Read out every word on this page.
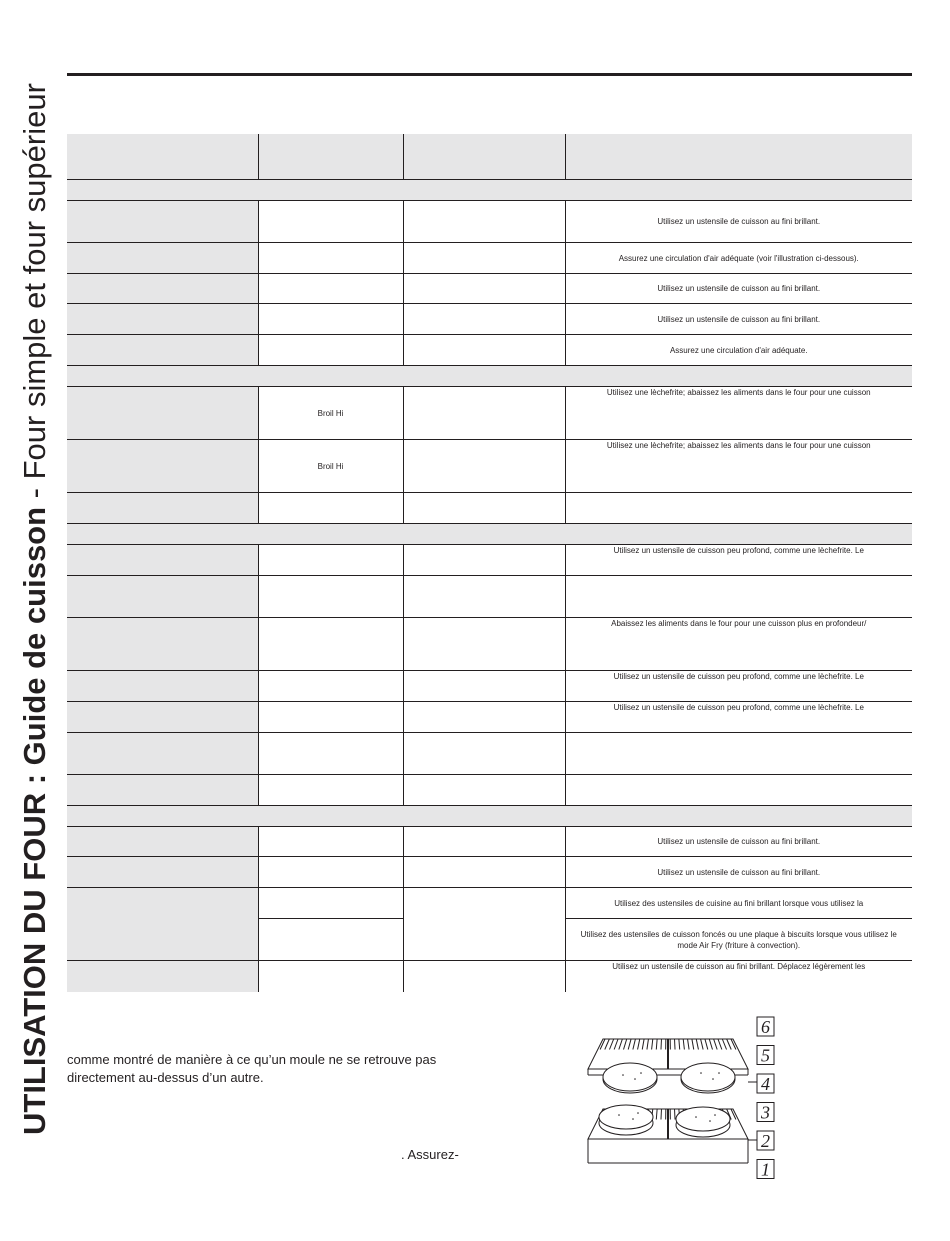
UTILISATION DU FOUR : Guide de cuisson - Four simple et four supérieur

				Utilisez un ustensile de cuisson au fini brillant.
			Assurez une circulation d'air adéquate (voir l'illustration ci-dessous).
			Utilisez un ustensile de cuisson au fini brillant.
			Utilisez un ustensile de cuisson au fini brillant.
			Assurez une circulation d'air adéquate.

	Broil Hi		Utilisez une lèchefrite; abaissez les aliments dans le four pour une cuisson
	Broil Hi		Utilisez une lèchefrite; abaissez les aliments dans le four pour une cuisson

			Utilisez un ustensile de cuisson peu profond, comme une lèchefrite. Le

			Abaissez les aliments dans le four pour une cuisson plus en profondeur/
			Utilisez un ustensile de cuisson peu profond, comme une lèchefrite. Le
			Utilisez un ustensile de cuisson peu profond, comme une lèchefrite. Le

			Utilisez un ustensile de cuisson au fini brillant.
			Utilisez un ustensile de cuisson au fini brillant.
			Utilisez des ustensiles de cuisine au fini brillant lorsque vous utilisez la
			Utilisez des ustensiles de cuisson foncés ou une plaque à biscuits lorsque vous utilisez le mode Air Fry (friture à convection).
			Utilisez un ustensile de cuisson au fini brillant. Déplacez légèrement les
comme montré de manière à ce qu’un moule ne se retrouve pas directement au-dessus d’un autre.
. Assurez-
6
5
4
3
2
1
